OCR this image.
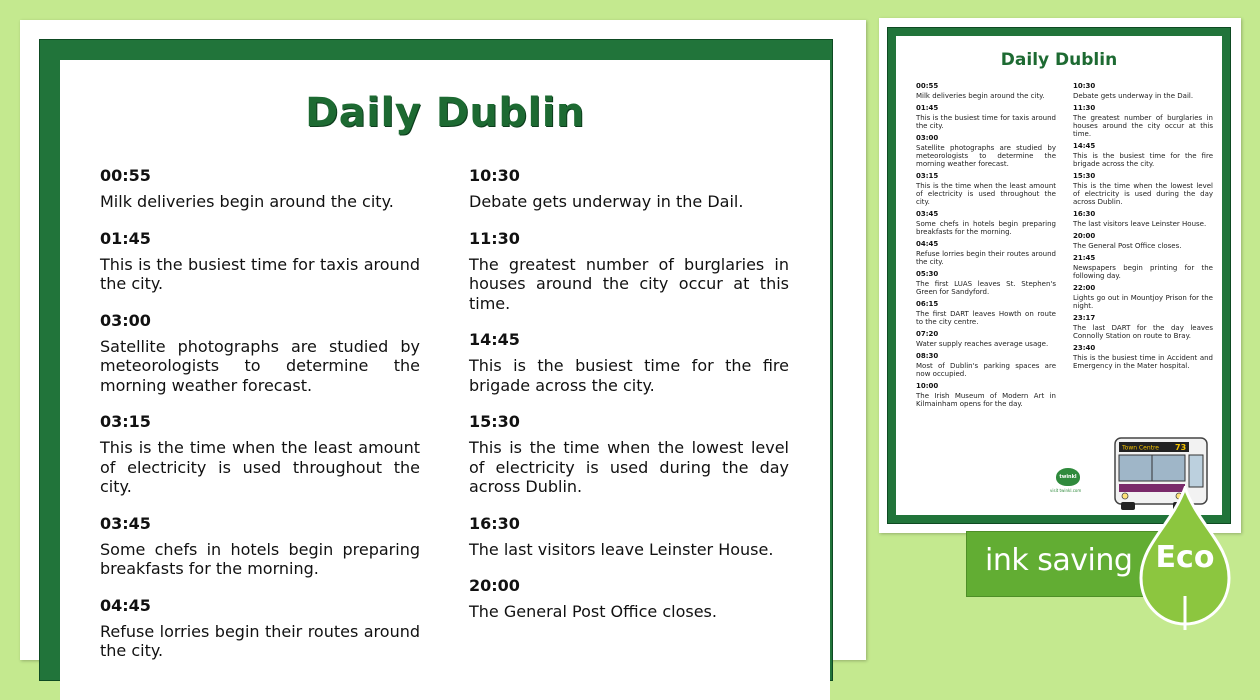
Daily Dublin
00:55
Milk deliveries begin around the city.
01:45
This is the busiest time for taxis around the city.
03:00
Satellite photographs are studied by meteorologists to determine the morning weather forecast.
03:15
This is the time when the least amount of electricity is used throughout the city.
03:45
Some chefs in hotels begin preparing breakfasts for the morning.
04:45
Refuse lorries begin their routes around the city.
10:30
Debate gets underway in the Dail.
11:30
The greatest number of burglaries in houses around the city occur at this time.
14:45
This is the busiest time for the fire brigade across the city.
15:30
This is the time when the lowest level of electricity is used during the day across Dublin.
16:30
The last visitors leave Leinster House.
20:00
The General Post Office closes.
Daily Dublin
00:55
Milk deliveries begin around the city.
01:45
This is the busiest time for taxis around the city.
03:00
Satellite photographs are studied by meteorologists to determine the morning weather forecast.
03:15
This is the time when the least amount of electricity is used throughout the city.
03:45
Some chefs in hotels begin preparing breakfasts for the morning.
04:45
Refuse lorries begin their routes around the city.
05:30
The first LUAS leaves St. Stephen's Green for Sandyford.
06:15
The first DART leaves Howth on route to the city centre.
07:20
Water supply reaches average usage.
08:30
Most of Dublin's parking spaces are now occupied.
10:00
The Irish Museum of Modern Art in Kilmainham opens for the day.
10:30
Debate gets underway in the Dail.
11:30
The greatest number of burglaries in houses around the city occur at this time.
14:45
This is the busiest time for the fire brigade across the city.
15:30
This is the time when the lowest level of electricity is used during the day across Dublin.
16:30
The last visitors leave Leinster House.
20:00
The General Post Office closes.
21:45
Newspapers begin printing for the following day.
22:00
Lights go out in Mountjoy Prison for the night.
23:17
The last DART for the day leaves Connolly Station on route to Bray.
23:40
This is the busiest time in Accident and Emergency in the Mater hospital.
twinkl
visit twinkl.com
Town Centre 73
ink saving Eco
